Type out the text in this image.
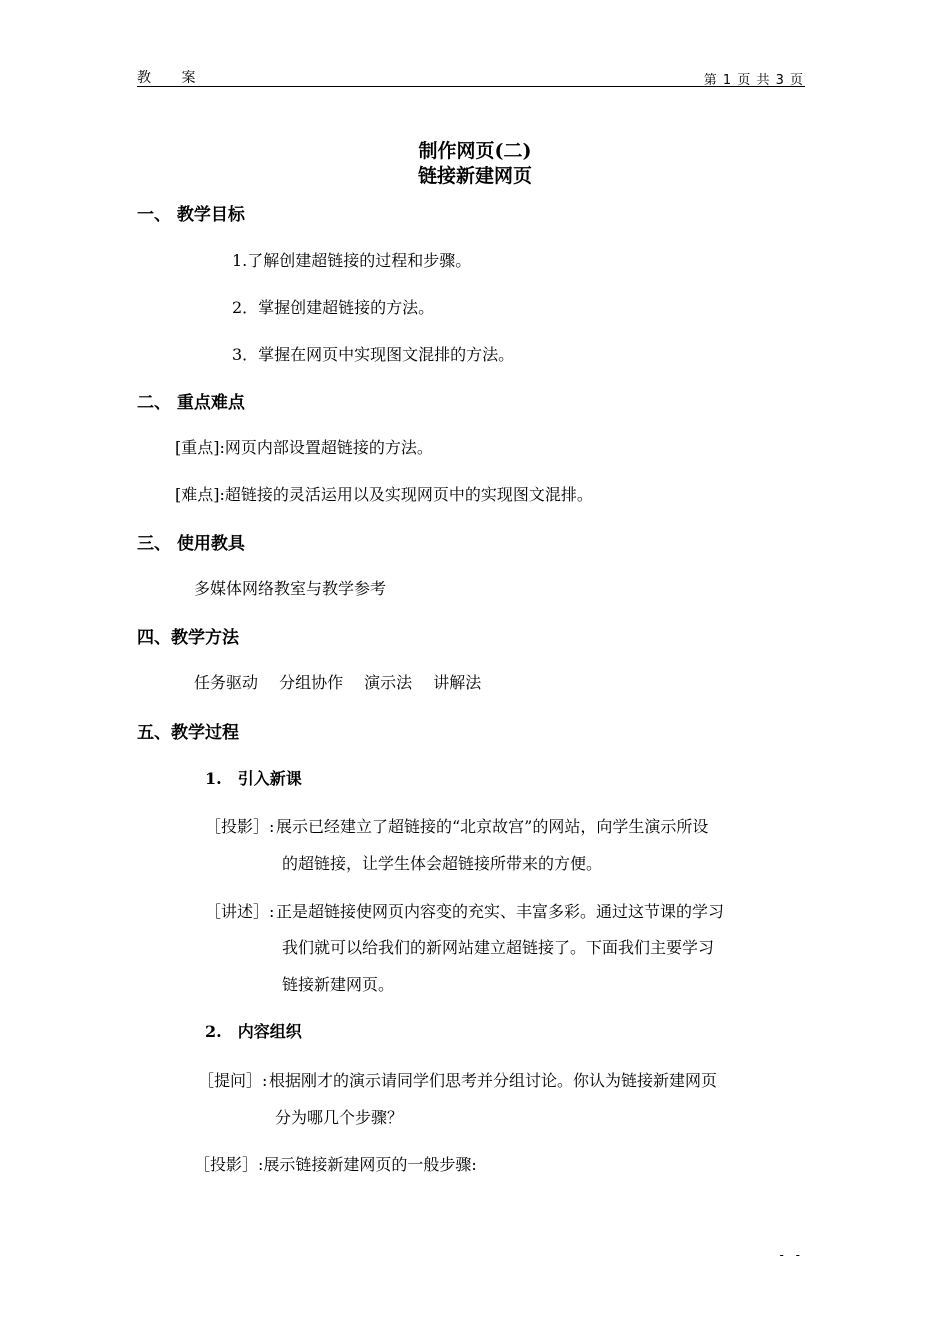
教 案	第 1 页 共 3 页
制作网页(二)
链接新建网页
一、 教学目标
1.了解创建超链接的过程和步骤。
2．掌握创建超链接的方法。
3．掌握在网页中实现图文混排的方法。
二、 重点难点
[重点]:网页内部设置超链接的方法。
[难点]:超链接的灵活运用以及实现网页中的实现图文混排。
三、 使用教具
多媒体网络教室与教学参考
四、教学方法
任务驱动　 分组协作　 演示法　 讲解法
五、教学过程
1.　引入新课
［投影］: 展示已经建立了超链接的“北京故宫”的网站，向学生演示所设
的超链接，让学生体会超链接所带来的方便。
［讲述］: 正是超链接使网页内容变的充实、丰富多彩。通过这节课的学习
我们就可以给我们的新网站建立超链接了。下面我们主要学习
链接新建网页。
2.　内容组织
［提问］: 根据刚才的演示请同学们思考并分组讨论。你认为链接新建网页
分为哪几个步骤？
［投影］:展示链接新建网页的一般步骤:
- -
